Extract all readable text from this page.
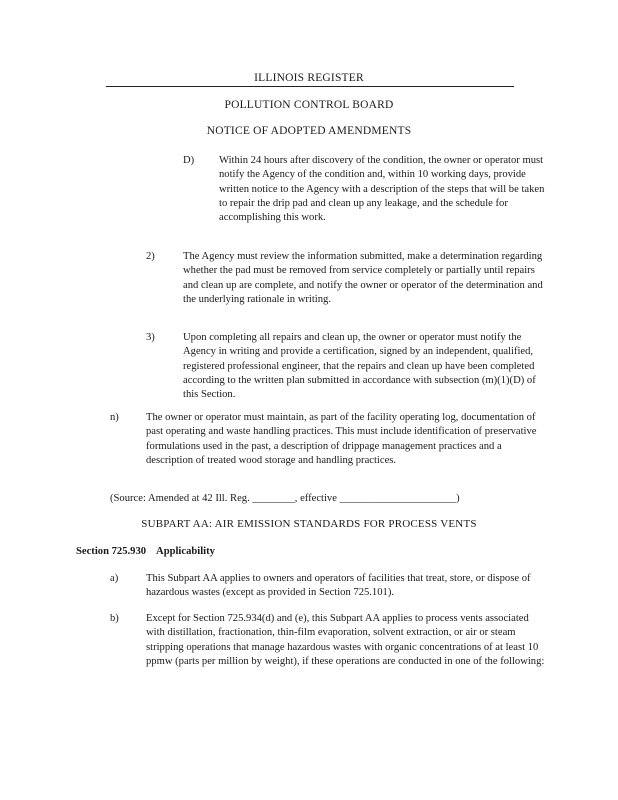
ILLINOIS REGISTER
POLLUTION CONTROL BOARD
NOTICE OF ADOPTED AMENDMENTS
D) Within 24 hours after discovery of the condition, the owner or operator must notify the Agency of the condition and, within 10 working days, provide written notice to the Agency with a description of the steps that will be taken to repair the drip pad and clean up any leakage, and the schedule for accomplishing this work.
2)	The Agency must review the information submitted, make a determination regarding whether the pad must be removed from service completely or partially until repairs and clean up are complete, and notify the owner or operator of the determination and the underlying rationale in writing.
3)	Upon completing all repairs and clean up, the owner or operator must notify the Agency in writing and provide a certification, signed by an independent, qualified, registered professional engineer, that the repairs and clean up have been completed according to the written plan submitted in accordance with subsection (m)(1)(D) of this Section.
n)	The owner or operator must maintain, as part of the facility operating log, documentation of past operating and waste handling practices. This must include identification of preservative formulations used in the past, a description of drippage management practices and a description of treated wood storage and handling practices.
(Source: Amended at 42 Ill. Reg. ________, effective ______________________)
SUBPART AA: AIR EMISSION STANDARDS FOR PROCESS VENTS
Section 725.930 Applicability
a)	This Subpart AA applies to owners and operators of facilities that treat, store, or dispose of hazardous wastes (except as provided in Section 725.101).
b)	Except for Section 725.934(d) and (e), this Subpart AA applies to process vents associated with distillation, fractionation, thin-film evaporation, solvent extraction, or air or steam stripping operations that manage hazardous wastes with organic concentrations of at least 10 ppmw (parts per million by weight), if these operations are conducted in one of the following:
